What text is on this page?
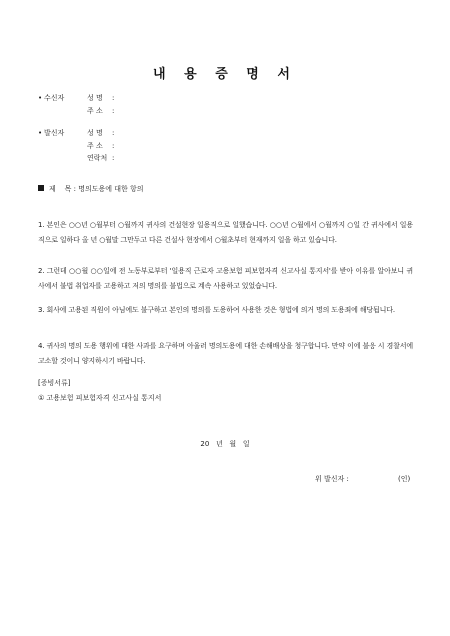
내 용 증 명 서
• 수신자	성 명 :
주 소 :
• 발신자	성 명 :
주 소 :
연락처 :
제    목 : 명의도용에 대한 항의
1. 본인은 ○○년 ○월부터 ○월까지 귀사의 건설현장 일용직으로 일했습니다. ○○년 ○월에서 ○월까지 ○일 간 귀사에서 일용직으로 일하다 올 년 ○월말 그만두고 다른 건설사 현장에서 ○월초부터 현재까지 일을 하고 있습니다.
2. 그런데 ○○월 ○○일에 전 노동부로부터 '일용직 근로자 고용보험 피보험자격 신고사실 통지서'를 받아 이유를 알아보니 귀사에서 불법 취업자를 고용하고 저의 명의를 불법으로 계속 사용하고 있었습니다.
3. 회사에 고용된 직원이 아님에도 불구하고 본인의 명의를 도용하여 사용한 것은 형법에 의거 명의 도용죄에 해당됩니다.
4. 귀사의 명의 도용 행위에 대한 사과를 요구하며 아울러 명의도용에 대한 손해배상을 청구합니다. 만약 이에 불응 시 경찰서에 고소할 것이니 양지하시기 바랍니다.
[증빙서류]
① 고용보험 피보험자격 신고사실 통지서
20   년   월   일
위 발신자 :	(인)
